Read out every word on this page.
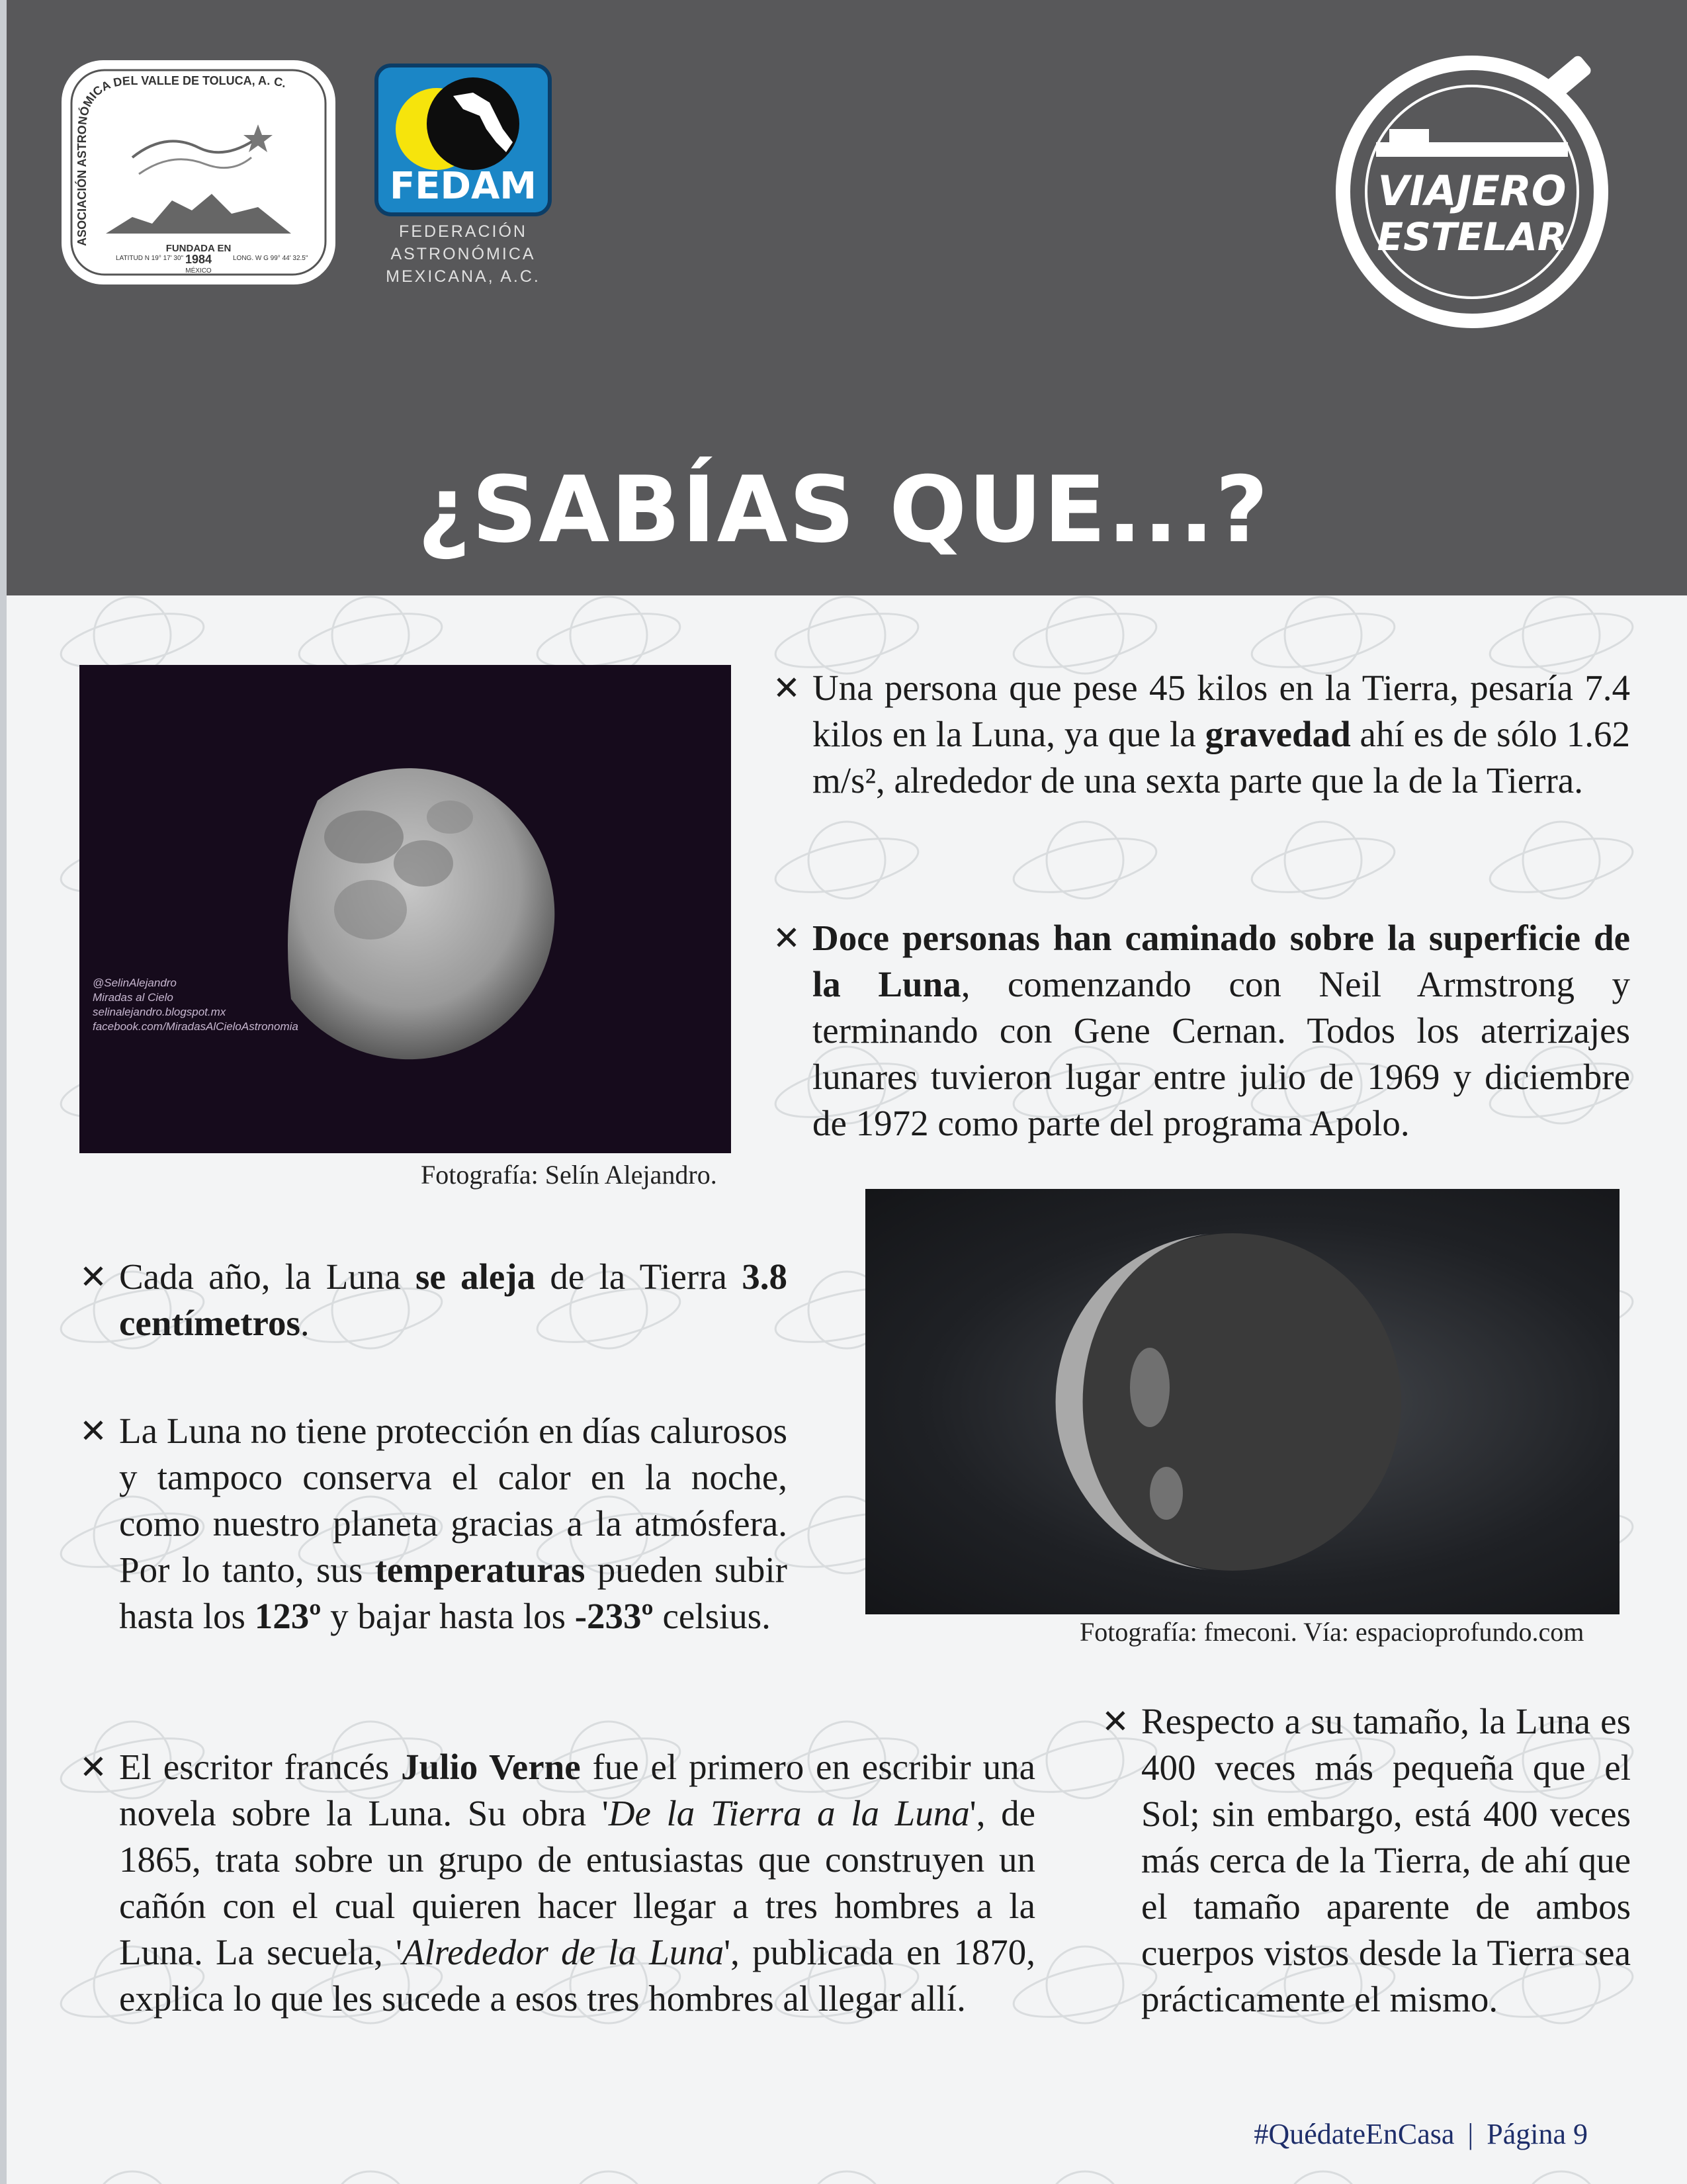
ASOCIACIÓN ASTRONÓMICA DEL VALLE DE TOLUCA, A. C.
FUNDADA EN
1984
LATITUD N 19° 17' 30"
MÉXICO
LONG. W G 99° 44' 32.5"
FEDAM
FEDERACIÓN
ASTRONÓMICA
MEXICANA, A.C.
VIAJERO
ESTELAR
¿SABÍAS QUE...?
@SelinAlejandro
Miradas al Cielo
selinalejandro.blogspot.mx
facebook.com/MiradasAlCieloAstronomia
Fotografía: Selín Alejandro.
Fotografía: fmeconi. Vía: espacioprofundo.com
✕ Una persona que pese 45 kilos en la Tierra, pesaría 7.4 kilos en la Luna, ya que la gravedad ahí es de sólo 1.62 m/s², alrededor de una sexta parte que la de la Tierra.
✕ Doce personas han caminado sobre la superficie de la Luna, comenzando con Neil Armstrong y terminando con Gene Cernan. Todos los aterrizajes lunares tuvieron lugar entre julio de 1969 y diciembre de 1972 como parte del programa Apolo.
✕ Cada año, la Luna se aleja de la Tierra 3.8 centímetros.
✕ La Luna no tiene protección en días calurosos y tampoco conserva el calor en la noche, como nuestro planeta gracias a la atmósfera. Por lo tanto, sus temperaturas pueden subir hasta los 123º y bajar hasta los -233º celsius.
✕ El escritor francés Julio Verne fue el primero en escribir una novela sobre la Luna. Su obra 'De la Tierra a la Luna', de 1865, trata sobre un grupo de entusiastas que construyen un cañón con el cual quieren hacer llegar a tres hombres a la Luna. La secuela, 'Alrededor de la Luna', publicada en 1870, explica lo que les sucede a esos tres hombres al llegar allí.
✕ Respecto a su tamaño, la Luna es 400 veces más pequeña que el Sol; sin embargo, está 400 veces más cerca de la Tierra, de ahí que el tamaño aparente de ambos cuerpos vistos desde la Tierra sea prácticamente el mismo.
#QuédateEnCasa | Página 9
